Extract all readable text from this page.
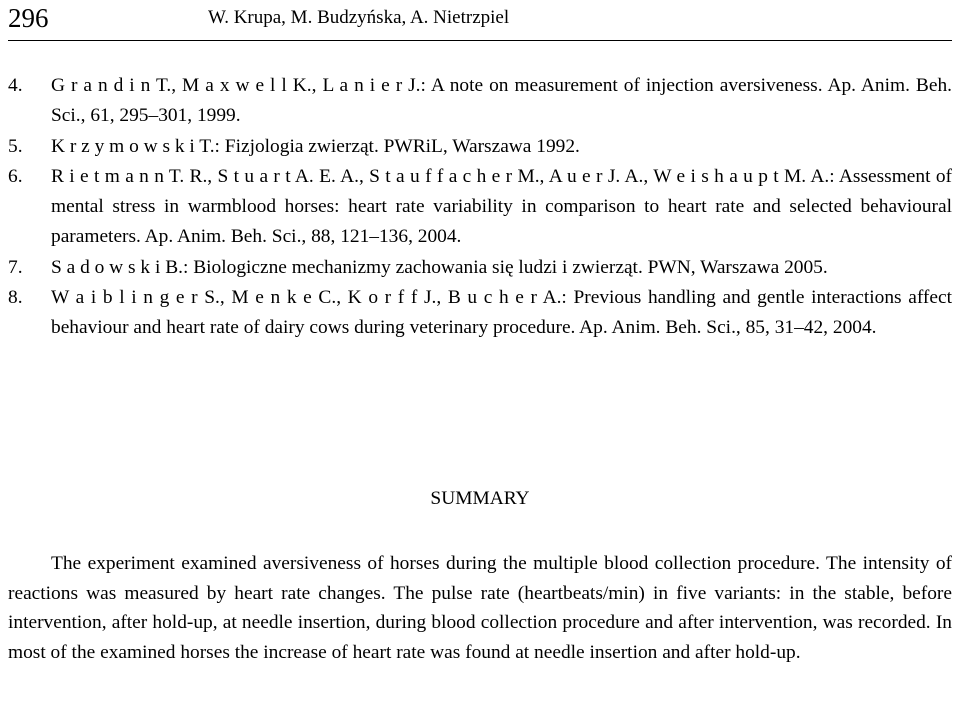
296	W. Krupa, M. Budzyńska, A. Nietrzpiel
4.	G r a n d i n T., M a x w e l l K., L a n i e r J.: A note on measurement of injection aversiveness. Ap. Anim. Beh. Sci., 61, 295–301, 1999.
5.	K r z y m o w s k i T.: Fizjologia zwierząt. PWRiL, Warszawa 1992.
6.	R i e t m a n n T. R., S t u a r t A. E. A., S t a u f f a c h e r M., A u e r J. A., W e i s h a u p t M. A.: Assessment of mental stress in warmblood horses: heart rate variability in comparison to heart rate and selected behavioural parameters. Ap. Anim. Beh. Sci., 88, 121–136, 2004.
7.	S a d o w s k i B.: Biologiczne mechanizmy zachowania się ludzi i zwierząt. PWN, Warszawa 2005.
8.	W a i b l i n g e r S., M e n k e C., K o r f f J., B u c h e r A.: Previous handling and gentle interactions affect behaviour and heart rate of dairy cows during veterinary procedure. Ap. Anim. Beh. Sci., 85, 31–42, 2004.
SUMMARY
The experiment examined aversiveness of horses during the multiple blood collection procedure. The intensity of reactions was measured by heart rate changes. The pulse rate (heartbeats/min) in five variants: in the stable, before intervention, after hold-up, at needle insertion, during blood collection procedure and after intervention, was recorded. In most of the examined horses the increase of heart rate was found at needle insertion and after hold-up.
